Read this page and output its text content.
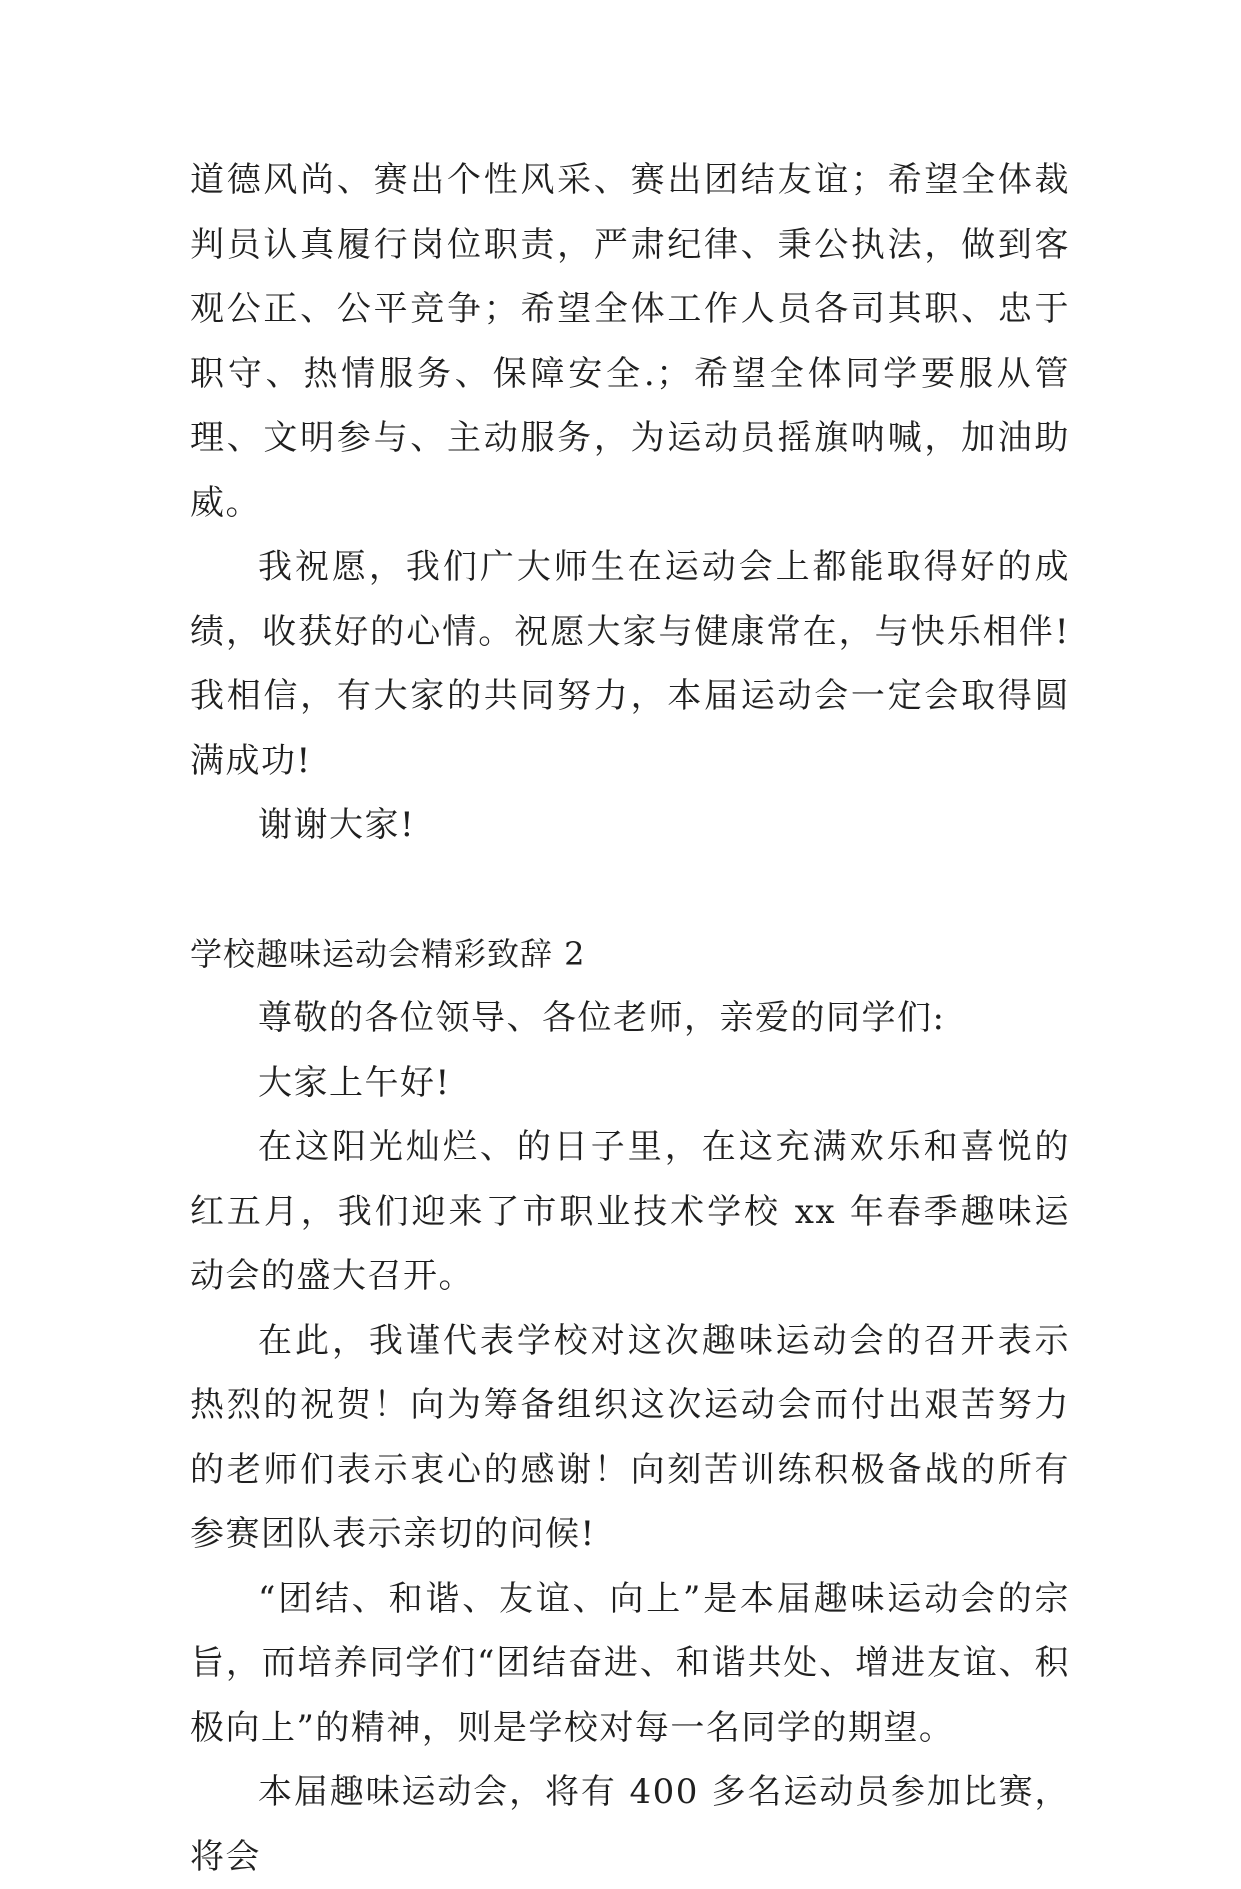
道德风尚、赛出个性风采、赛出团结友谊；希望全体裁判员认真履行岗位职责，严肃纪律、秉公执法，做到客观公正、公平竞争；希望全体工作人员各司其职、忠于职守、热情服务、保障安全.；希望全体同学要服从管理、文明参与、主动服务，为运动员摇旗呐喊，加油助威。

我祝愿，我们广大师生在运动会上都能取得好的成绩，收获好的心情。祝愿大家与健康常在，与快乐相伴!我相信，有大家的共同努力，本届运动会一定会取得圆满成功!

谢谢大家!

学校趣味运动会精彩致辞 2

尊敬的各位领导、各位老师，亲爱的同学们:

大家上午好!

在这阳光灿烂、的日子里，在这充满欢乐和喜悦的红五月，我们迎来了市职业技术学校 xx 年春季趣味运动会的盛大召开。

在此，我谨代表学校对这次趣味运动会的召开表示热烈的祝贺！向为筹备组织这次运动会而付出艰苦努力的老师们表示衷心的感谢！向刻苦训练积极备战的所有参赛团队表示亲切的问候!

“团结、和谐、友谊、向上”是本届趣味运动会的宗旨，而培养同学们“团结奋进、和谐共处、增进友谊、积极向上”的精神，则是学校对每一名同学的期望。

本届趣味运动会，将有 400 多名运动员参加比赛，将会
